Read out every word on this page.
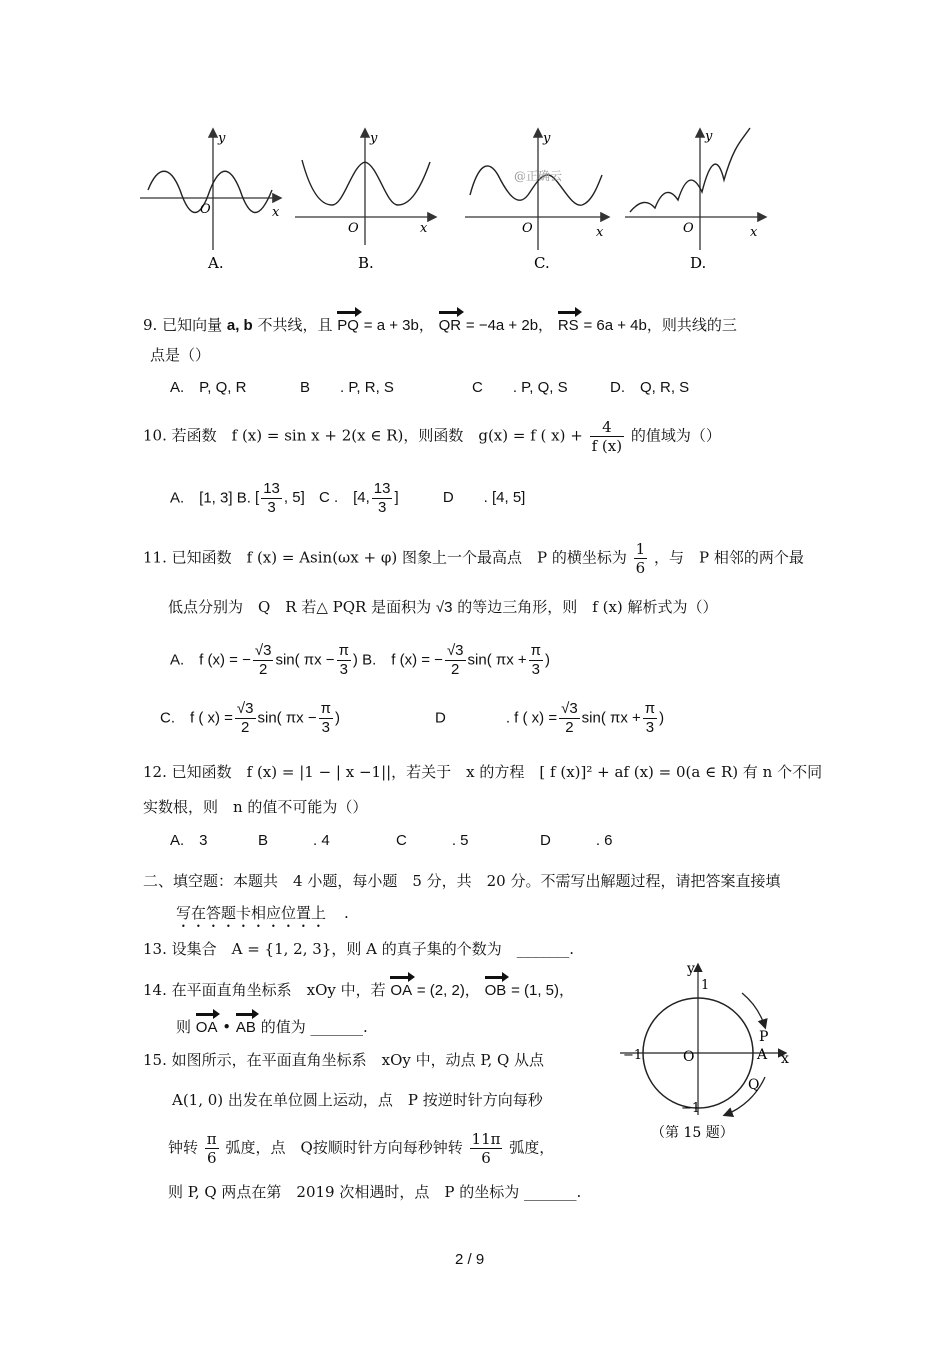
y
x
O
A.
y
x
O
B.
y
x
O
@正确云
C.
y
x
O
D.
9. 已知向量 a, b 不共线，且 PQ = a + 3b， QR = −4a + 2b， RS = 6a + 4b，则共线的三
点是（）
A.　P, Q, R	B　　. P, R, S	C　　. P, Q, S	D.　Q, R, S
10. 若函数　f (x) = sin x + 2(x ∈ R)，则函数　g(x) = f ( $x) + \frac{4}{f (x)}$ 的值域为（）
A.　[1, 3] B. [ $\frac{13}{3}$ , 5] C .　[4, $\frac{13}{3}$ ]	D　　. [4, 5]
11. 已知函数　f (x) = Asin(ωx + φ) 图象上一个最高点　P 的横坐标为 $\frac{1}{6}$ ，与　P 相邻的两个最
低点分别为　Q　R 若△ PQR 是面积为 √3 的等边三角形，则　f (x) 解析式为（）
A.　f (x) = − $\frac{√3}{2} \sin$( $\pi x - \frac{\pi}{3}$ ) B.　f (x) = − $\frac{√3}{2} \sin$( $\pi x + \frac{\pi}{3}$ )
C.　f ( $x) = \frac{√3}{2} \sin$( $\pi x - \frac{\pi}{3}$ )	D　　　　. f ( $x) = \frac{√3}{2} \sin$( $\pi x + \frac{\pi}{3}$ )
12. 已知函数　f (x) = |1 − | x −1||，若关于　x 的方程　[ f (x)]² + af (x) = 0(a ∈ R) 有 n 个不同
实数根，则　n 的值不可能为（）
A.　3	B　　　. 4	C　　　. 5	D　　　. 6
二、填空题：本题共　4 小题，每小题　5 分，共　20 分。不需写出解题过程，请把答案直接填
写在答题卡相应位置上 .
13. 设集合　A = {1, 2, 3}，则 A 的真子集的个数为　_______.
14. 在平面直角坐标系　xOy 中，若 OA = (2, 2)， OB = (1, 5)，
则 OA • AB 的值为 _______.
15. 如图所示，在平面直角坐标系　xOy 中，动点 P, Q 从点
A(1, 0) 出发在单位圆上运动，点　P 按逆时针方向每秒
钟转 $\frac{\pi}{6}$ 弧度，点　Q按顺时针方向每秒钟转 $\frac{11\pi}{6}$ 弧度，
则 P, Q 两点在第　2019 次相遇时，点　P 的坐标为 _______.
y
1
−1	O	A x
P
Q
−1
（第 15 题）
2 / 9
